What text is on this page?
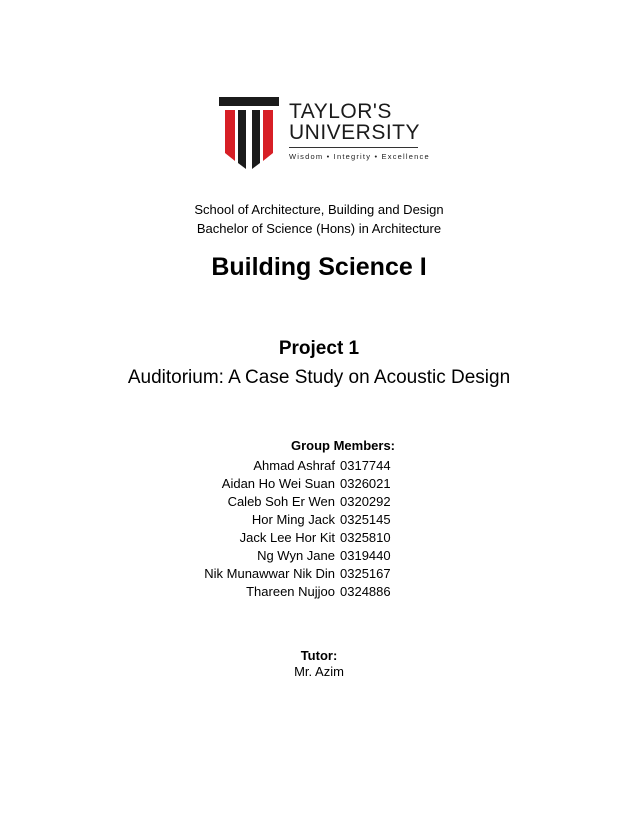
TAYLOR'S
UNIVERSITY
Wisdom • Integrity • Excellence
School of Architecture, Building and Design
Bachelor of Science (Hons) in Architecture
Building Science I
Project 1
Auditorium: A Case Study on Acoustic Design
Group Members:
Ahmad Ashraf 0317744
Aidan Ho Wei Suan 0326021
Caleb Soh Er Wen 0320292
Hor Ming Jack 0325145
Jack Lee Hor Kit 0325810
Ng Wyn Jane 0319440
Nik Munawwar Nik Din 0325167
Thareen Nujjoo 0324886
Tutor:
Mr. Azim
